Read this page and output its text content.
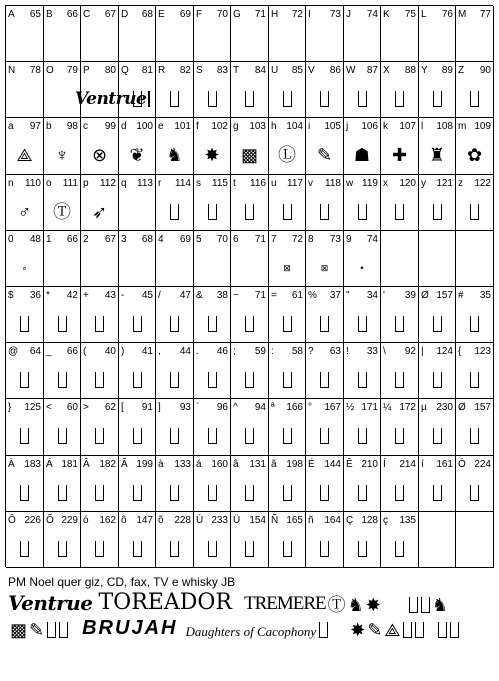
A 65 B 66 C 67 D 68 E 69 F 70 G 71 H 72 I 73 J 74 K 75 L 76 M 77
N 78 O 79 P 80
Ventrue
Q 81 R 82 S 83 T 84 U 85 V 86 W 87 X 88 Y 89 Z 90
a 97
⟁
b 98
♆
c 99
⊗
d 100
❦
e 101
♞
f 102
✸
g 103
▩
h 104
Ⓛ
i 105
✎
j 106
☗
k 107
✚
l 108
♜
m 109
✿
n 110
♂
o 111
Ⓣ
p 112
➶
q 113 r 114 s 115 t 116 u 117 v 118 w 119 x 120 y 121 z 122
0 48
∘
1 66 2 67 3 68 4 69 5 70 6 71 7 72
⊠
8 73
⊠
9 74
•
$ 36 * 42 + 43 - 45 / 47 & 38 ~ 71 = 61 % 37 " 34 ' 39 Ø 157 # 35
@ 64 _ 66 ( 40 ) 41 , 44 . 46 ; 59 : 58 ? 63 ! 33 \ 92 | 124 { 123
} 125 < 60 > 62 [ 91 ] 93 ` 96 ^ 94 ª 166 ° 167 ½ 171 ¼ 172 µ 230 Ø 157
À 183 Á 181 Â 182 Ã 199 à 133 á 160 â 131 ã 198 É 144 Ê 210 Í 214 í 161 Ó 224
Ô 226 Õ 229 ó 162 ô 147 õ 228 Ú 233 Ü 154 Ñ 165 ñ 164 Ç 128 ç 135
PM Noel quer giz, CD, fax, TV e whisky JB
Ventrue TOREADOR TREMERE Ⓣ ♞ ✸	♞
▩ ✎ BRUJAH Daughters of Cacophony ✸ ✎ ⟁
